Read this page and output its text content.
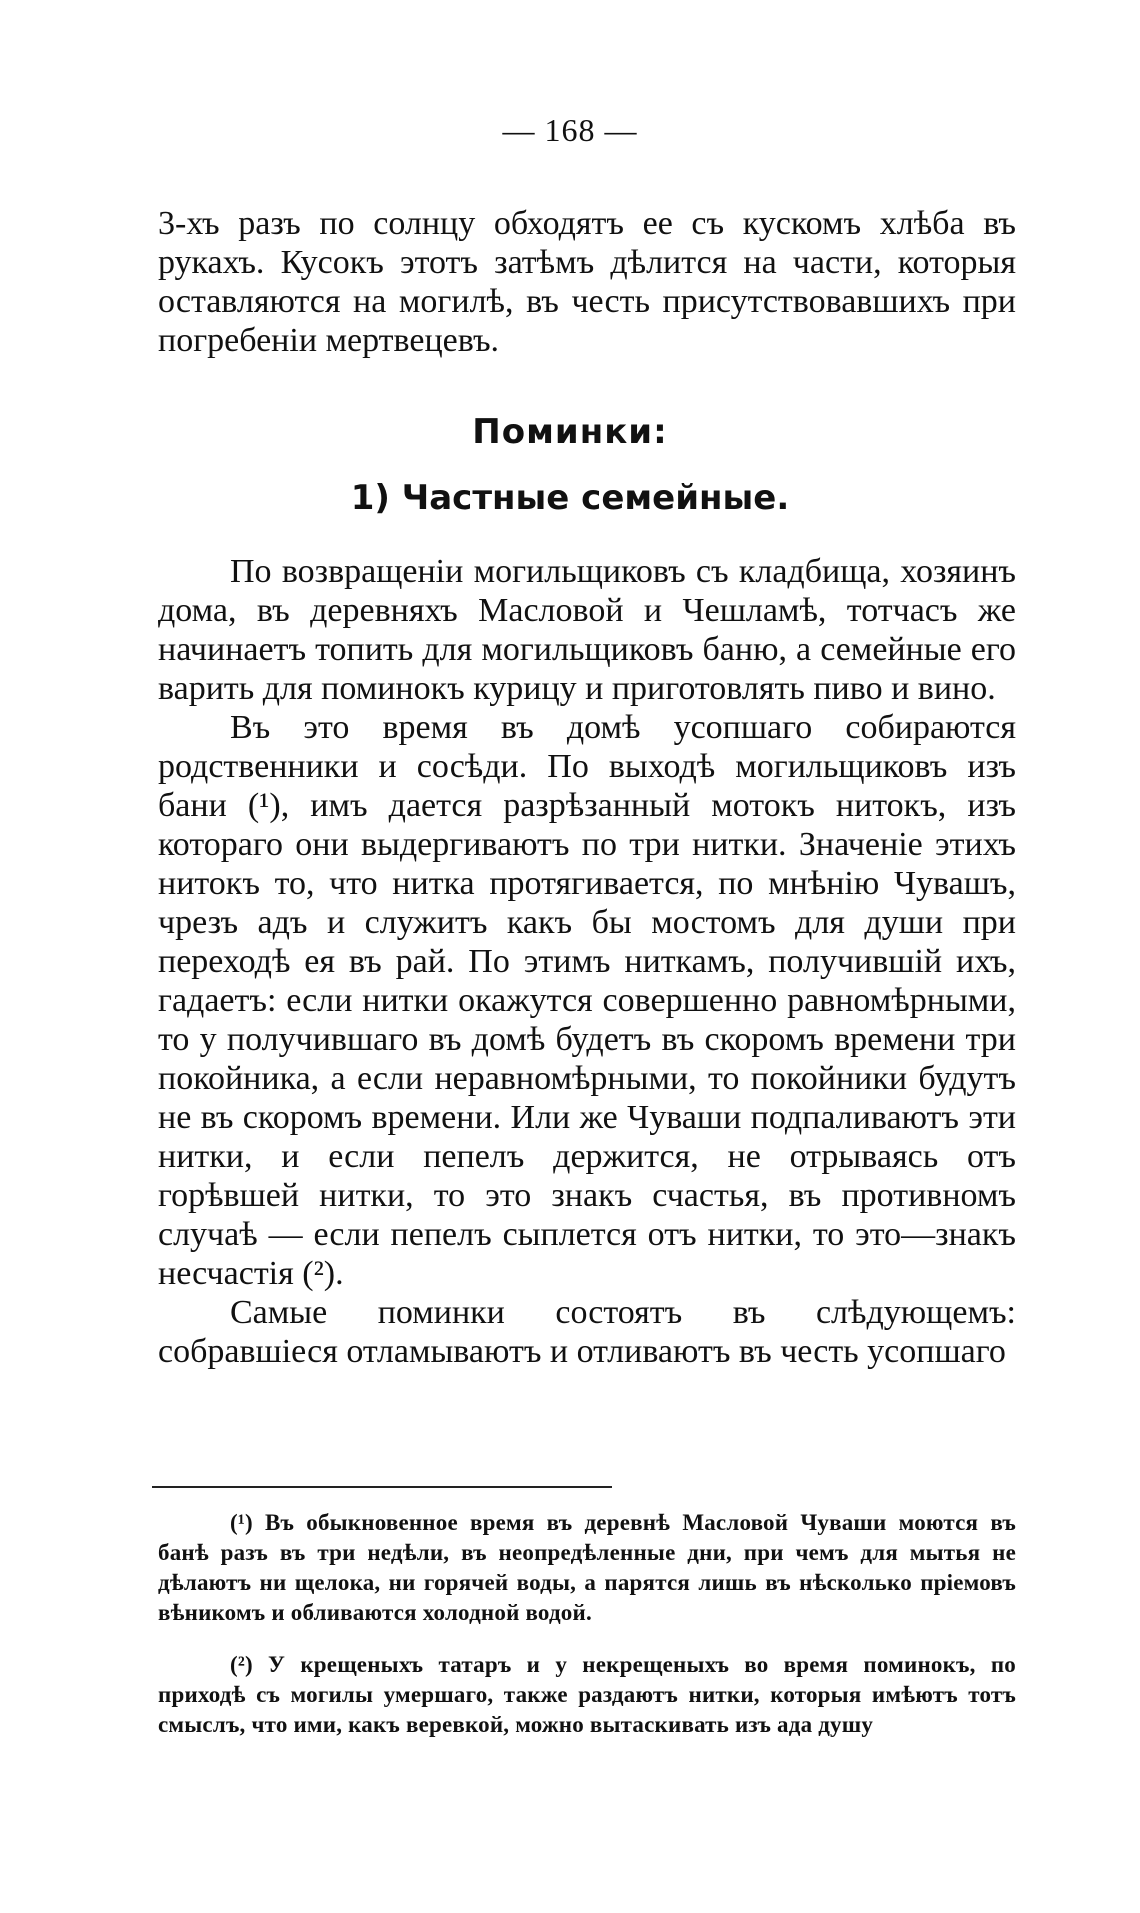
— 168 —

3-хъ разъ по солнцу обходятъ ее съ кускомъ хлѣба въ рукахъ. Кусокъ этотъ затѣмъ дѣлится на части, которыя оставляются на могилѣ, въ честь присутствовавшихъ при погребеніи мертвецевъ.

Поминки:
1) Частные семейные.

По возвращеніи могильщиковъ съ кладбища, хозяинъ дома, въ деревняхъ Масловой и Чешламѣ, тотчасъ же начинаетъ топить для могильщиковъ баню, а семейные его варить для поминокъ курицу и приготовлять пиво и вино.

Въ это время въ домѣ усопшаго собираются родственники и сосѣди. По выходѣ могильщиковъ изъ бани (¹), имъ дается разрѣзанный мотокъ нитокъ, изъ котораго они выдергиваютъ по три нитки. Значеніе этихъ нитокъ то, что нитка протягивается, по мнѣнію Чувашъ, чрезъ адъ и служитъ какъ бы мостомъ для души при переходѣ ея въ рай. По этимъ ниткамъ, получившій ихъ, гадаетъ: если нитки окажутся совершенно равномѣрными, то у получившаго въ домѣ будетъ въ скоромъ времени три покойника, а если неравномѣрными, то покойники будутъ не въ скоромъ времени. Или же Чуваши подпаливаютъ эти нитки, и если пепелъ держится, не отрываясь отъ горѣвшей нитки, то это знакъ счастья, въ противномъ случаѣ — если пепелъ сыплется отъ нитки, то это—знакъ несчастія (²).

Самые поминки состоятъ въ слѣдующемъ: собравшіеся отламываютъ и отливаютъ въ честь усопшаго

(¹) Въ обыкновенное время въ деревнѣ Масловой Чуваши моются въ банѣ разъ въ три недѣли, въ неопредѣленные дни, при чемъ для мытья не дѣлаютъ ни щелока, ни горячей воды, а парятся лишь въ нѣсколько пріемовъ вѣникомъ и обливаются холодной водой.

(²) У крещеныхъ татаръ и у некрещеныхъ во время поминокъ, по приходѣ съ могилы умершаго, также раздаютъ нитки, которыя имѣютъ тотъ смыслъ, что ими, какъ веревкой, можно вытаскивать изъ ада душу
